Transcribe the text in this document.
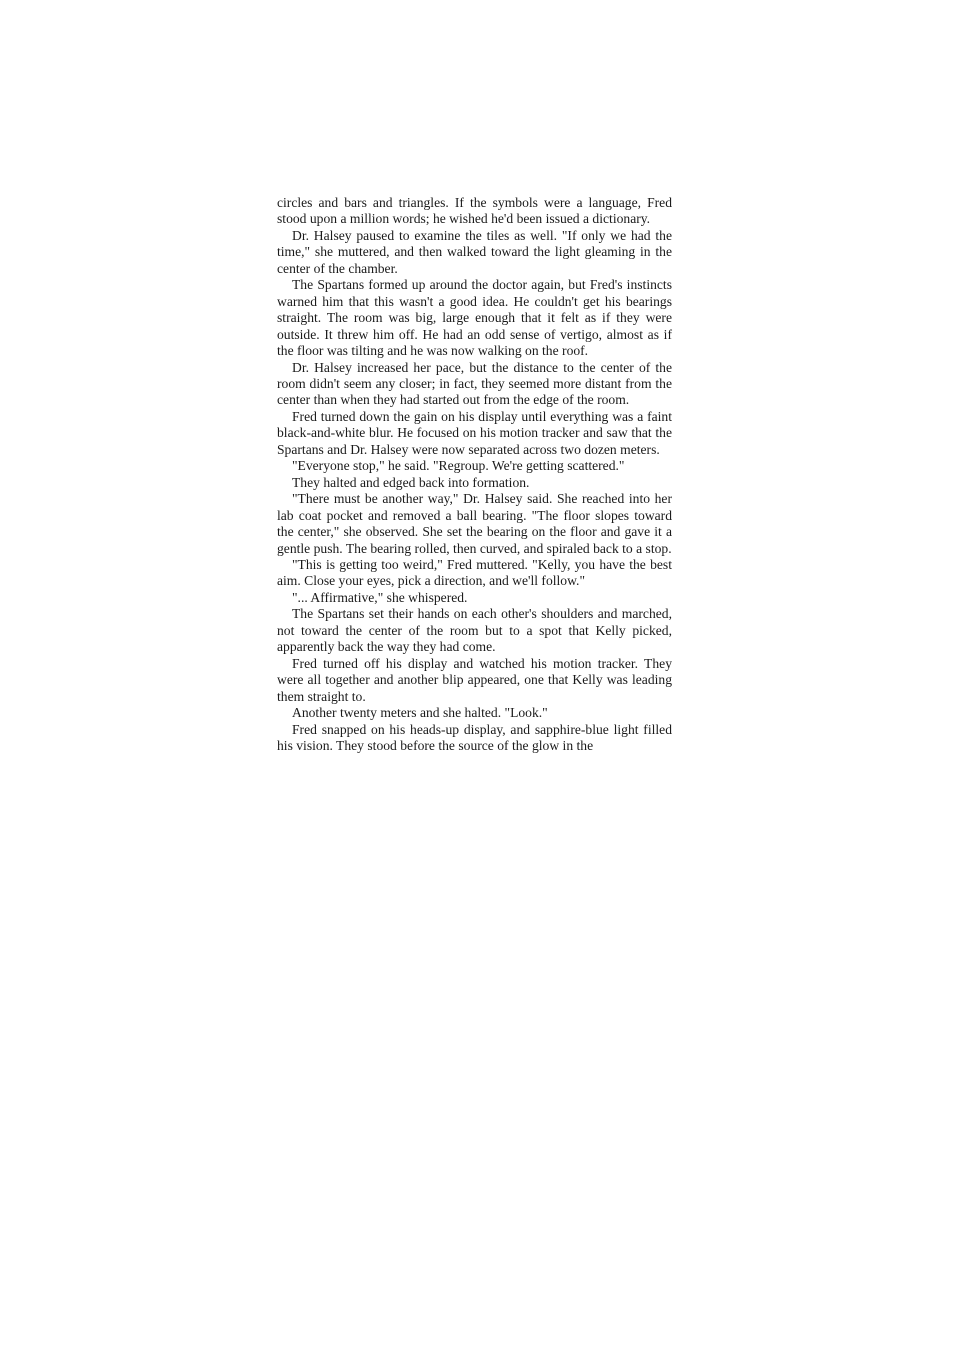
circles and bars and triangles. If the symbols were a language, Fred stood upon a million words; he wished he'd been issued a dictionary.

Dr. Halsey paused to examine the tiles as well. "If only we had the time," she muttered, and then walked toward the light gleaming in the center of the chamber.

The Spartans formed up around the doctor again, but Fred's instincts warned him that this wasn't a good idea. He couldn't get his bearings straight. The room was big, large enough that it felt as if they were outside. It threw him off. He had an odd sense of vertigo, almost as if the floor was tilting and he was now walking on the roof.

Dr. Halsey increased her pace, but the distance to the center of the room didn't seem any closer; in fact, they seemed more distant from the center than when they had started out from the edge of the room.

Fred turned down the gain on his display until everything was a faint black-and-white blur. He focused on his motion tracker and saw that the Spartans and Dr. Halsey were now separated across two dozen meters.

"Everyone stop," he said. "Regroup. We're getting scattered."

They halted and edged back into formation.

"There must be another way," Dr. Halsey said. She reached into her lab coat pocket and removed a ball bearing. "The floor slopes toward the center," she observed. She set the bearing on the floor and gave it a gentle push. The bearing rolled, then curved, and spiraled back to a stop.

"This is getting too weird," Fred muttered. "Kelly, you have the best aim. Close your eyes, pick a direction, and we'll follow."

"... Affirmative," she whispered.

The Spartans set their hands on each other's shoulders and marched, not toward the center of the room but to a spot that Kelly picked, apparently back the way they had come.

Fred turned off his display and watched his motion tracker. They were all together and another blip appeared, one that Kelly was leading them straight to.

Another twenty meters and she halted. "Look."

Fred snapped on his heads-up display, and sapphire-blue light filled his vision. They stood before the source of the glow in the
